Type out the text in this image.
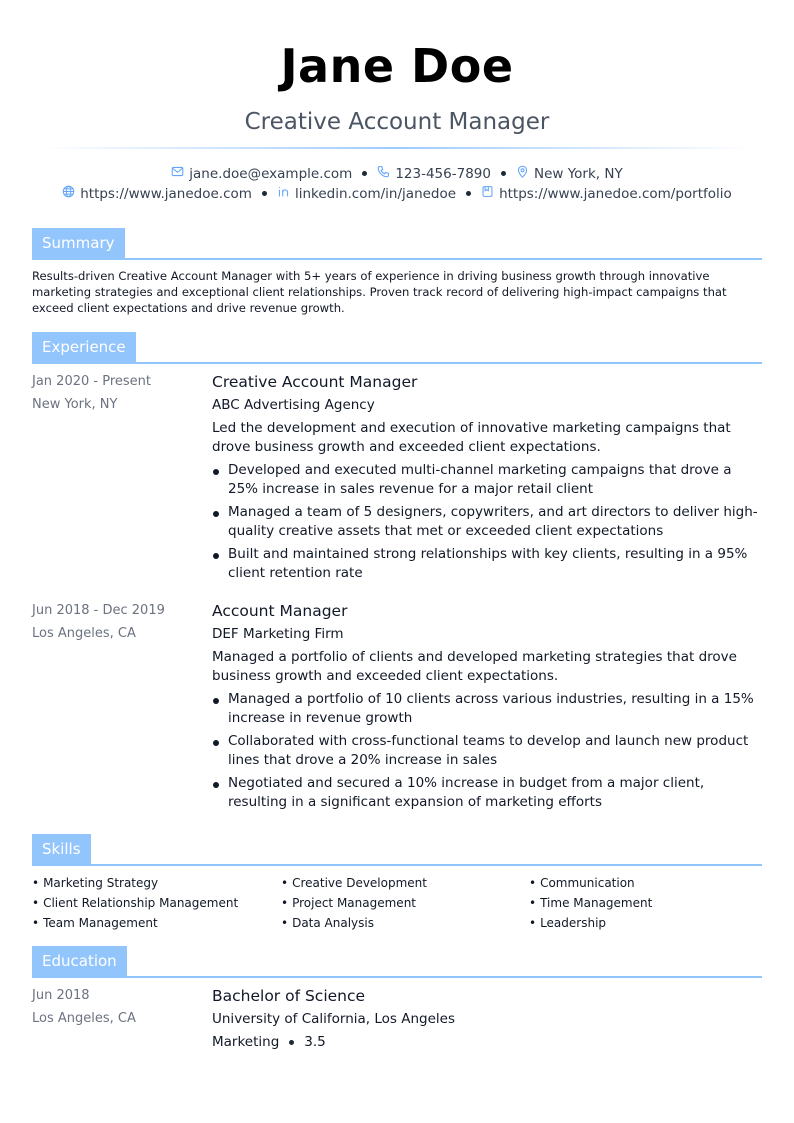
Jane Doe
Creative Account Manager
jane.doe@example.com	123-456-7890	New York, NY
https://www.janedoe.com	linkedin.com/in/janedoe	https://www.janedoe.com/portfolio
Summary
Results-driven Creative Account Manager with 5+ years of experience in driving business growth through innovative marketing strategies and exceptional client relationships. Proven track record of delivering high-impact campaigns that exceed client expectations and drive revenue growth.
Experience
Jan 2020 - Present
New York, NY
Creative Account Manager
ABC Advertising Agency
Led the development and execution of innovative marketing campaigns that drove business growth and exceeded client expectations.
Developed and executed multi-channel marketing campaigns that drove a 25% increase in sales revenue for a major retail client
Managed a team of 5 designers, copywriters, and art directors to deliver high-quality creative assets that met or exceeded client expectations
Built and maintained strong relationships with key clients, resulting in a 95% client retention rate
Jun 2018 - Dec 2019
Los Angeles, CA
Account Manager
DEF Marketing Firm
Managed a portfolio of clients and developed marketing strategies that drove business growth and exceeded client expectations.
Managed a portfolio of 10 clients across various industries, resulting in a 15% increase in revenue growth
Collaborated with cross-functional teams to develop and launch new product lines that drove a 20% increase in sales
Negotiated and secured a 10% increase in budget from a major client, resulting in a significant expansion of marketing efforts
Skills
• Marketing Strategy
• Client Relationship Management
• Team Management
• Creative Development
• Project Management
• Data Analysis
• Communication
• Time Management
• Leadership
Education
Jun 2018
Los Angeles, CA
Bachelor of Science
University of California, Los Angeles
Marketing 3.5
